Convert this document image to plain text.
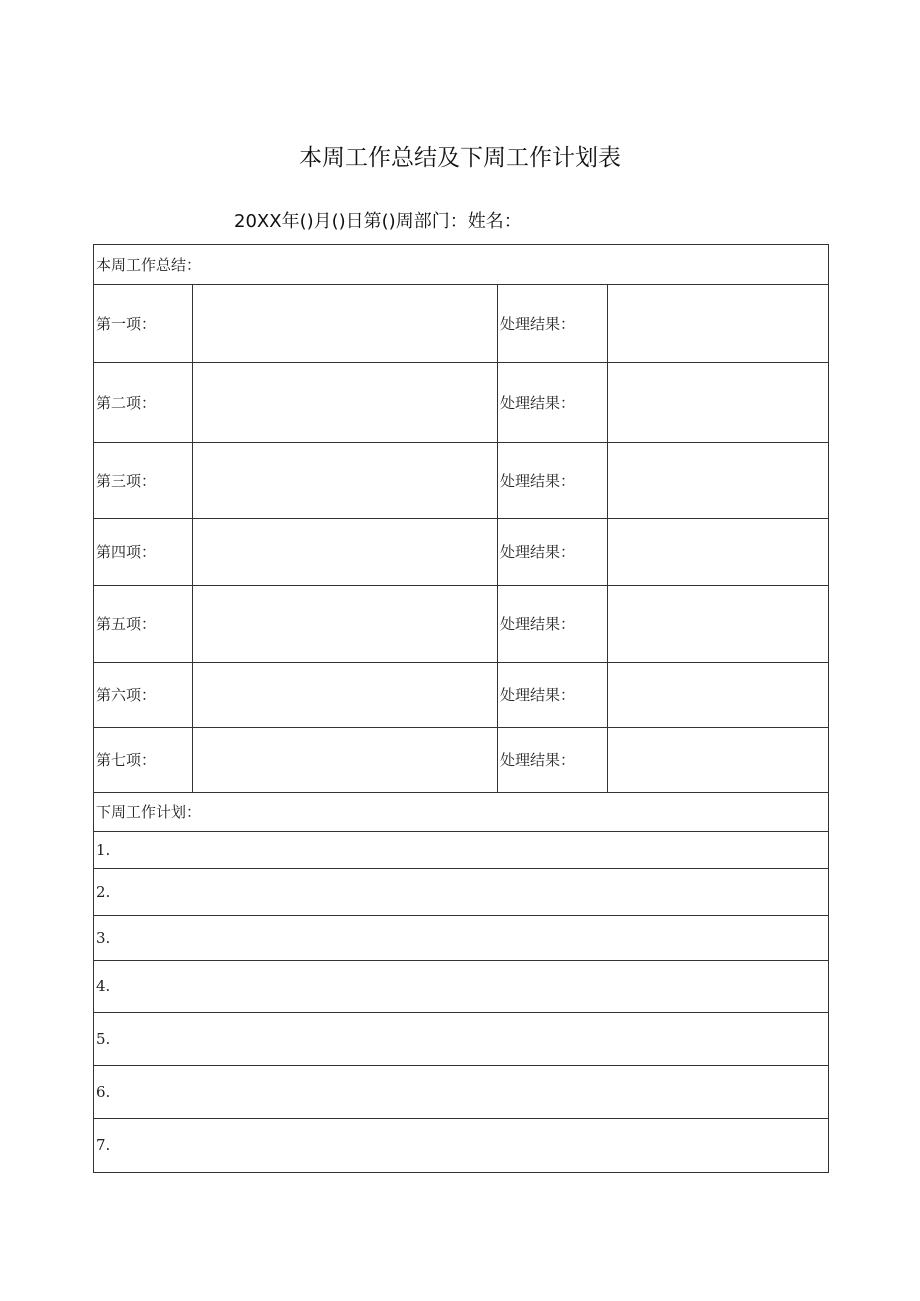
本周工作总结及下周工作计划表
20XX年()月()日第()周部门：姓名：
本周工作总结：
第一项：	处理结果：
第二项：	处理结果：
第三项：	处理结果：
第四项：	处理结果：
第五项：	处理结果：
第六项：	处理结果：
第七项：	处理结果：
下周工作计划：
1.
2.
3.
4.
5.
6.
7.
